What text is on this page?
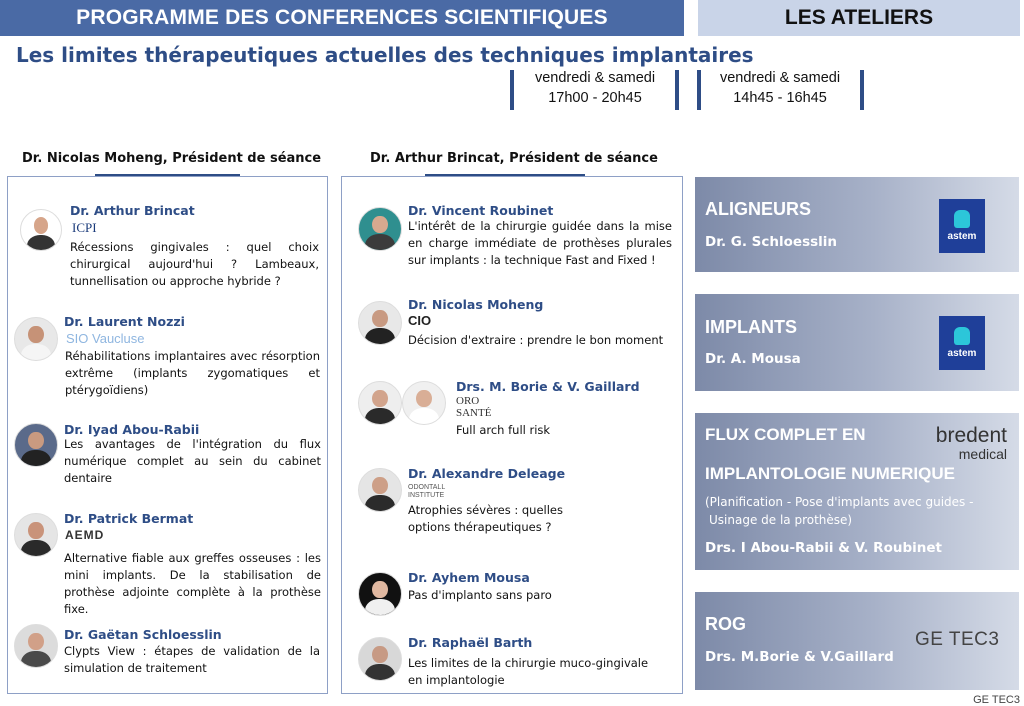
PROGRAMME DES CONFERENCES SCIENTIFIQUES	LES ATELIERS
Les limites thérapeutiques actuelles des techniques implantaires
vendredi & samedi
17h00 - 20h45
vendredi & samedi
14h45 - 16h45
Dr. Nicolas Moheng, Président de séance	Dr. Arthur Brincat, Président de séance
Dr. Arthur Brincat
ICPI
Récessions gingivales : quel choix chirurgical aujourd'hui ? Lambeaux, tunnellisation ou approche hybride ?
Dr. Laurent Nozzi
SIO Vaucluse
Réhabilitations implantaires avec résorption extrême (implants zygomatiques et ptérygoïdiens)
Dr. Iyad Abou-Rabii
Les avantages de l'intégration du flux numérique complet au sein du cabinet dentaire
Dr. Patrick Bermat
AEMD
Alternative fiable aux greffes osseuses : les mini implants. De la stabilisation de prothèse adjointe complète à la prothèse fixe.
Dr. Gaëtan Schloesslin
Clypts View : étapes de validation de la simulation de traitement
Dr. Vincent Roubinet
L'intérêt de la chirurgie guidée dans la mise en charge immédiate de prothèses plurales sur implants : la technique Fast and Fixed !
Dr. Nicolas Moheng
CIO
Décision d'extraire : prendre le bon moment
Drs. M. Borie & V. Gaillard
ORO SANTÉ
Full arch full risk
Dr. Alexandre Deleage
ODONTALL INSTITUTE
Atrophies sévères : quelles options thérapeutiques ?
Dr. Ayhem Mousa
Pas d'implanto sans paro
Dr. Raphaël Barth
Les limites de la chirurgie muco-gingivale en implantologie
ALIGNEURS
Dr. G. Schloesslin	astem
IMPLANTS
Dr. A. Mousa	astem
FLUX COMPLET EN
IMPLANTOLOGIE NUMERIQUE
(Planification - Pose d'implants avec guides -
Usinage de la prothèse)
Drs. I Abou-Rabii & V. Roubinet
bredent
medical
ROG
Drs. M.Borie & V.Gaillard
GE TEC3
GE TEC3
